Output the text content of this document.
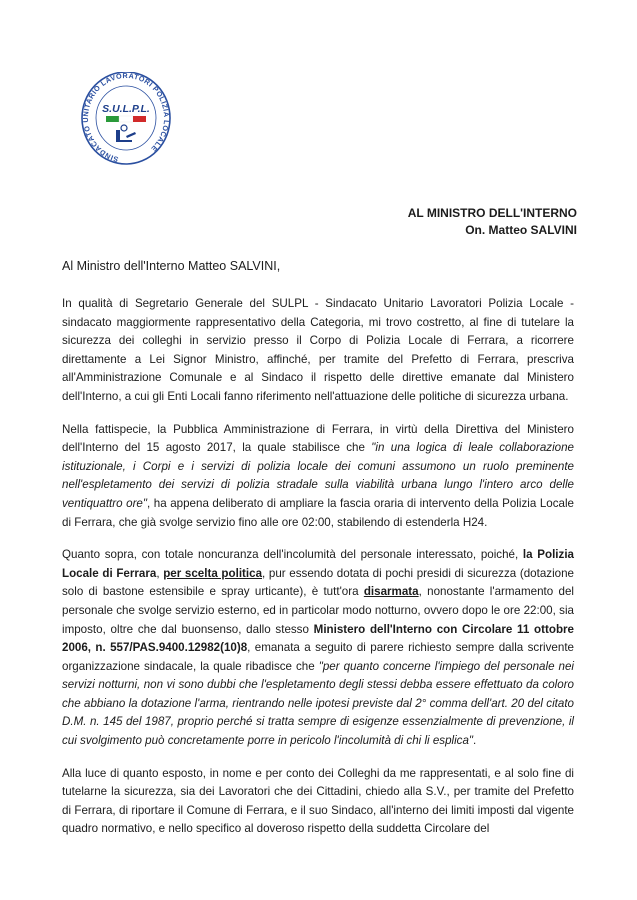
SINDACATO UNITARIO LAVORATORI POLIZIA LOCALE
S.U.L.P.L.
AL MINISTRO DELL'INTERNO
On. Matteo SALVINI
Al Ministro dell'Interno Matteo SALVINI,

In qualità di Segretario Generale del SULPL - Sindacato Unitario Lavoratori Polizia Locale - sindacato maggiormente rappresentativo della Categoria, mi trovo costretto, al fine di tutelare la sicurezza dei colleghi in servizio presso il Corpo di Polizia Locale di Ferrara, a ricorrere direttamente a Lei Signor Ministro, affinché, per tramite del Prefetto di Ferrara, prescriva all'Amministrazione Comunale e al Sindaco il rispetto delle direttive emanate dal Ministero dell'Interno, a cui gli Enti Locali fanno riferimento nell'attuazione delle politiche di sicurezza urbana.

Nella fattispecie, la Pubblica Amministrazione di Ferrara, in virtù della Direttiva del Ministero dell'Interno del 15 agosto 2017, la quale stabilisce che "in una logica di leale collaborazione istituzionale, i Corpi e i servizi di polizia locale dei comuni assumono un ruolo preminente nell'espletamento dei servizi di polizia stradale sulla viabilità urbana lungo l'intero arco delle ventiquattro ore", ha appena deliberato di ampliare la fascia oraria di intervento della Polizia Locale di Ferrara, che già svolge servizio fino alle ore 02:00, stabilendo di estenderla H24.

Quanto sopra, con totale noncuranza dell'incolumità del personale interessato, poiché, la Polizia Locale di Ferrara, per scelta politica, pur essendo dotata di pochi presidi di sicurezza (dotazione solo di bastone estensibile e spray urticante), è tutt'ora disarmata, nonostante l'armamento del personale che svolge servizio esterno, ed in particolar modo notturno, ovvero dopo le ore 22:00, sia imposto, oltre che dal buonsenso, dallo stesso Ministero dell'Interno con Circolare 11 ottobre 2006, n. 557/PAS.9400.12982(10)8, emanata a seguito di parere richiesto sempre dalla scrivente organizzazione sindacale, la quale ribadisce che "per quanto concerne l'impiego del personale nei servizi notturni, non vi sono dubbi che l'espletamento degli stessi debba essere effettuato da coloro che abbiano la dotazione l'arma, rientrando nelle ipotesi previste dal 2° comma dell'art. 20 del citato D.M. n. 145 del 1987, proprio perché si tratta sempre di esigenze essenzialmente di prevenzione, il cui svolgimento può concretamente porre in pericolo l'incolumità di chi li esplica".

Alla luce di quanto esposto, in nome e per conto dei Colleghi da me rappresentati, e al solo fine di tutelarne la sicurezza, sia dei Lavoratori che dei Cittadini, chiedo alla S.V., per tramite del Prefetto di Ferrara, di riportare il Comune di Ferrara, e il suo Sindaco, all'interno dei limiti imposti dal vigente quadro normativo, e nello specifico al doveroso rispetto della suddetta Circolare del
